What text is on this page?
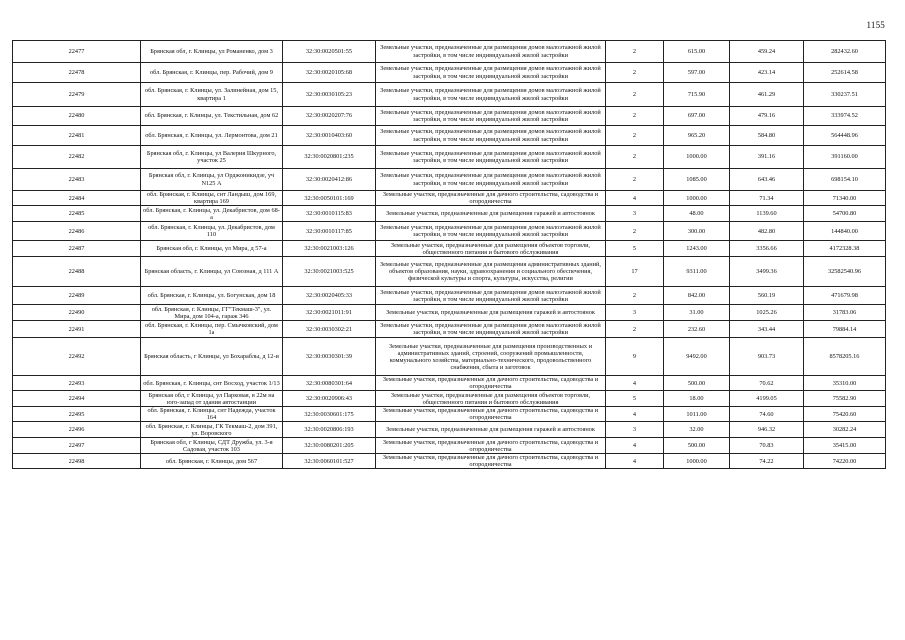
1155
22477	Брянская обл, г. Клинцы, ул Романенко, дом 3	32:30:0020501:55	Земельные участки, предназначенные для размещения домов малоэтажной жилой застройки, в том числе индивидуальной жилой застройки	2	615.00	459.24	282432.60
22478	обл. Брянская, г. Клинцы, пер. Рабочий, дом 9	32:30:0020105:68	Земельные участки, предназначенные для размещения домов малоэтажной жилой застройки, в том числе индивидуальной жилой застройки	2	597.00	423.14	252614.58
22479	обл. Брянская, г. Клинцы, ул. Залинейная, дом 15, квартира 1	32:30:0030105:23	Земельные участки, предназначенные для размещения домов малоэтажной жилой застройки, в том числе индивидуальной жилой застройки	2	715.90	461.29	330237.51
22480	обл. Брянская, г. Клинцы, ул. Текстильная, дом 62	32:30:0020207:76	Земельные участки, предназначенные для размещения домов малоэтажной жилой застройки, в том числе индивидуальной жилой застройки	2	697.00	479.16	333974.52
22481	обл. Брянская, г. Клинцы, ул. Лермонтова, дом 21	32:30:0010403:60	Земельные участки, предназначенные для размещения домов малоэтажной жилой застройки, в том числе индивидуальной жилой застройки	2	965.20	584.80	564448.96
22482	Брянская обл, г. Клинцы, ул Валерия Шкурного, участок 25	32:30:0020801:235	Земельные участки, предназначенные для размещения домов малоэтажной жилой застройки, в том числе индивидуальной жилой застройки	2	1000.00	391.16	391160.00
22483	Брянская обл, г. Клинцы, ул Орджоникидзе, уч N125 А	32:30:0020412:86	Земельные участки, предназначенные для размещения домов малоэтажной жилой застройки, в том числе индивидуальной жилой застройки	2	1085.00	643.46	698154.10
22484	обл. Брянская, г. Клинцы, снт Ландыш, дом 169, квартира 169	32:30:0050101:169	Земельные участки, предназначенные для дачного строительства, садоводства и огородничества	4	1000.00	71.34	71340.00
22485	обл. Брянская, г. Клинцы, ул. Декабристов, дом 68-а	32:30:0010115:83	Земельные участки, предназначенные для размещения гаражей и автостоянок	3	48.00	1139.60	54700.80
22486	обл. Брянская, г. Клинцы, ул. Декабристов, дом 110	32:30:0010117:85	Земельные участки, предназначенные для размещения домов малоэтажной жилой застройки, в том числе индивидуальной жилой застройки	2	300.00	482.80	144840.00
22487	Брянская обл, г. Клинцы, ул Мира, д 57-а	32:30:0021003:126	Земельные участки, предназначенные для размещения объектов торговли, общественного питания и бытового обслуживания	5	1243.00	3356.66	4172328.38
22488	Брянская область, г. Клинцы, ул Союзная, д 111 А	32:30:0021003:525	Земельные участки, предназначенные для размещения административных зданий, объектов образования, науки, здравоохранения и социального обеспечения, физической культуры и спорта, культуры, искусства, религии	17	9311.00	3499.36	32582540.96
22489	обл. Брянская, г. Клинцы, ул. Богунская, дом 18	32:30:0020405:33	Земельные участки, предназначенные для размещения домов малоэтажной жилой застройки, в том числе индивидуальной жилой застройки	2	842.00	560.19	471679.98
22490	обл. Брянская, г. Клинцы, ГГ"Текмаш-3", ул. Мира, дом 104-а, гараж 346	32:30:0021011:91	Земельные участки, предназначенные для размещения гаражей и автостоянок	3	31.00	1025.26	31783.06
22491	обл. Брянская, г. Клинцы, пер. Смычковский, дом 1а	32:30:0030302:21	Земельные участки, предназначенные для размещения домов малоэтажной жилой застройки, в том числе индивидуальной жилой застройки	2	232.60	343.44	79884.14
22492	Брянская область, г Клинцы, ул Бохараблы, д 12-и	32:30:0030301:39	Земельные участки, предназначенные для размещения производственных и административных зданий, строений, сооружений промышленности, коммунального хозяйства, материально-технического, продовольственного снабжения, сбыта и заготовок	9	9492.00	903.73	8578205.16
22493	обл. Брянская, г. Клинцы, снт Восход, участок 1/13	32:30:0080301:64	Земельные участки, предназначенные для дачного строительства, садоводства и огородничества	4	500.00	70.62	35310.00
22494	Брянская обл, г Клинцы, ул Парковая, в 22м на юго-запад от здания автостанции	32:30:0020906:43	Земельные участки, предназначенные для размещения объектов торговли, общественного питания и бытового обслуживания	5	18.00	4199.05	75582.90
22495	обл. Брянская, г. Клинцы, снт Надежда, участок 164	32:30:0030601:175	Земельные участки, предназначенные для дачного строительства, садоводства и огородничества	4	1011.00	74.60	75420.60
22496	обл. Брянская, г. Клинцы, ГК Текмаш-2, дом 391, ул. Воровского	32:30:0020806:193	Земельные участки, предназначенные для размещения гаражей и автостоянок	3	32.00	946.32	30282.24
22497	Брянская обл, г Клинцы, СДТ Дружба, ул. 3-я Садовая, участок 103	32:30:0080201:205	Земельные участки, предназначенные для дачного строительства, садоводства и огородничества	4	500.00	70.83	35415.00
22498	обл. Брянская, г. Клинцы, дом 567	32:30:0060101:527	Земельные участки, предназначенные для дачного строительства, садоводства и огородничества	4	1000.00	74.22	74220.00
